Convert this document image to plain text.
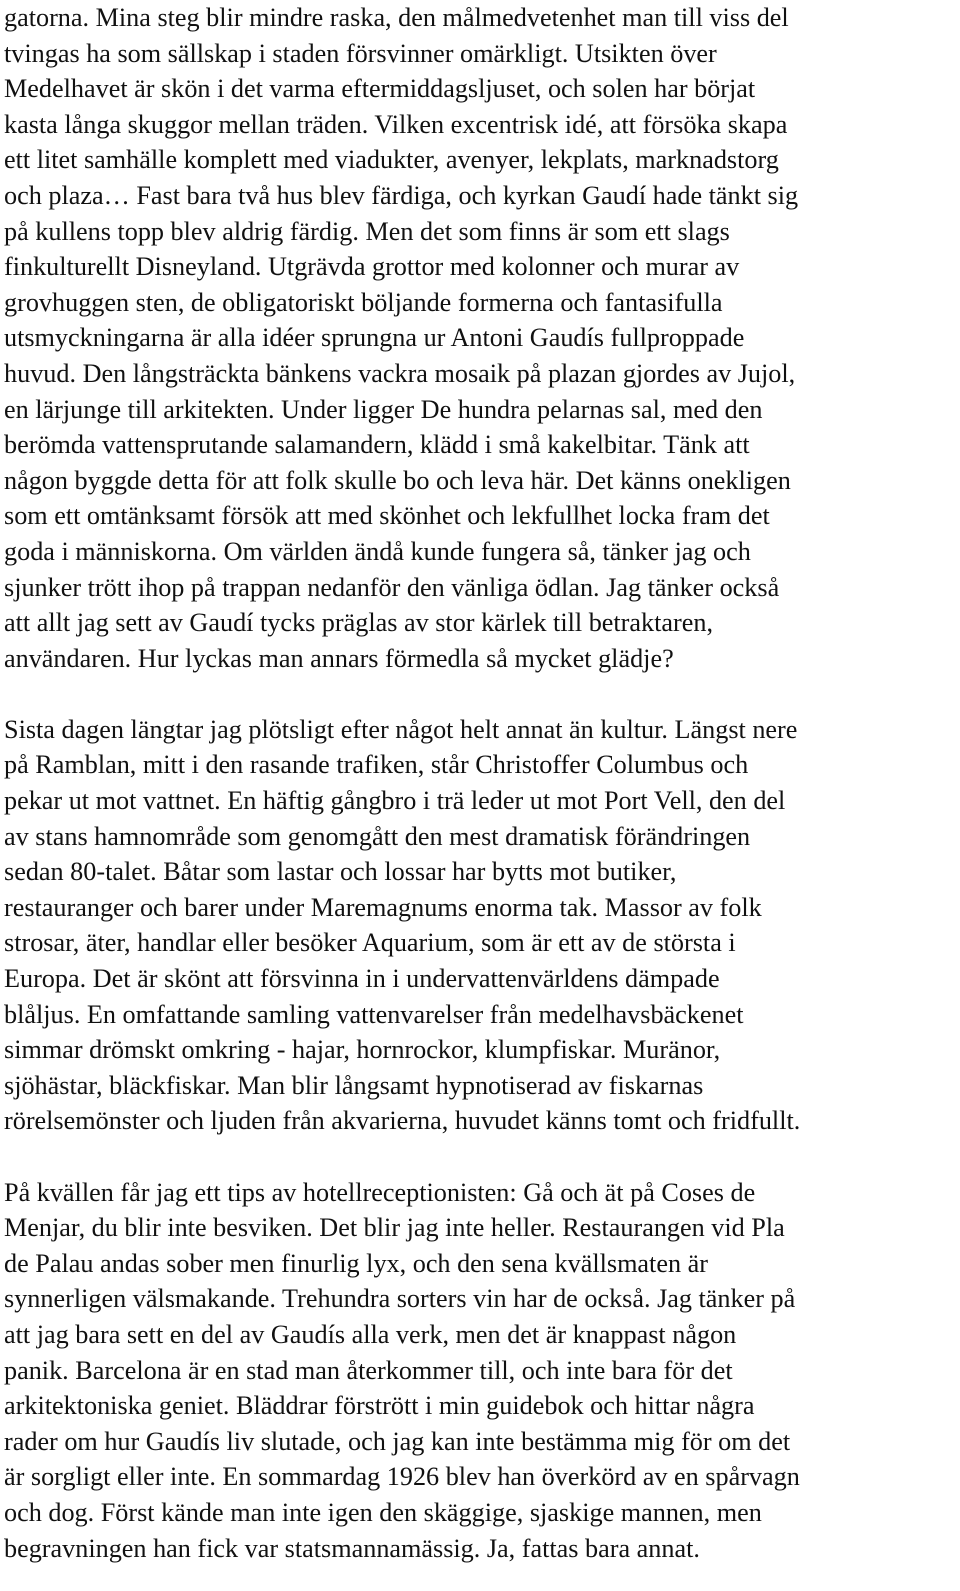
gatorna. Mina steg blir mindre raska, den målmedvetenhet man till viss del
tvingas ha som sällskap i staden försvinner omärkligt. Utsikten över
Medelhavet är skön i det varma eftermiddagsljuset, och solen har börjat
kasta långa skuggor mellan träden. Vilken excentrisk idé, att försöka skapa
ett litet samhälle komplett med viadukter, avenyer, lekplats, marknadstorg
och plaza… Fast bara två hus blev färdiga, och kyrkan Gaudí hade tänkt sig
på kullens topp blev aldrig färdig. Men det som finns är som ett slags
finkulturellt Disneyland. Utgrävda grottor med kolonner och murar av
grovhuggen sten, de obligatoriskt böljande formerna och fantasifulla
utsmyckningarna är alla idéer sprungna ur Antoni Gaudís fullproppade
huvud. Den långsträckta bänkens vackra mosaik på plazan gjordes av Jujol,
en lärjunge till arkitekten. Under ligger De hundra pelarnas sal, med den
berömda vattensprutande salamandern, klädd i små kakelbitar. Tänk att
någon byggde detta för att folk skulle bo och leva här. Det känns onekligen
som ett omtänksamt försök att med skönhet och lekfullhet locka fram det
goda i människorna. Om världen ändå kunde fungera så, tänker jag och
sjunker trött ihop på trappan nedanför den vänliga ödlan. Jag tänker också
att allt jag sett av Gaudí tycks präglas av stor kärlek till betraktaren,
användaren. Hur lyckas man annars förmedla så mycket glädje?
Sista dagen längtar jag plötsligt efter något helt annat än kultur. Längst nere
på Ramblan, mitt i den rasande trafiken, står Christoffer Columbus och
pekar ut mot vattnet. En häftig gångbro i trä leder ut mot Port Vell, den del
av stans hamnområde som genomgått den mest dramatisk förändringen
sedan 80-talet. Båtar som lastar och lossar har bytts mot butiker,
restauranger och barer under Maremagnums enorma tak. Massor av folk
strosar, äter, handlar eller besöker Aquarium, som är ett av de största i
Europa. Det är skönt att försvinna in i undervattenvärldens dämpade
blåljus. En omfattande samling vattenvarelser från medelhavsbäckenet
simmar drömskt omkring - hajar, hornrockor, klumpfiskar. Muränor,
sjöhästar, bläckfiskar. Man blir långsamt hypnotiserad av fiskarnas
rörelsemönster och ljuden från akvarierna, huvudet känns tomt och fridfullt.
På kvällen får jag ett tips av hotellreceptionisten: Gå och ät på Coses de
Menjar, du blir inte besviken. Det blir jag inte heller. Restaurangen vid Pla
de Palau andas sober men finurlig lyx, och den sena kvällsmaten är
synnerligen välsmakande. Trehundra sorters vin har de också. Jag tänker på
att jag bara sett en del av Gaudís alla verk, men det är knappast någon
panik. Barcelona är en stad man återkommer till, och inte bara för det
arkitektoniska geniet. Bläddrar förstrött i min guidebok och hittar några
rader om hur Gaudís liv slutade, och jag kan inte bestämma mig för om det
är sorgligt eller inte. En sommardag 1926 blev han överkörd av en spårvagn
och dog. Först kände man inte igen den skäggige, sjaskige mannen, men
begravningen han fick var statsmannamässig. Ja, fattas bara annat.
